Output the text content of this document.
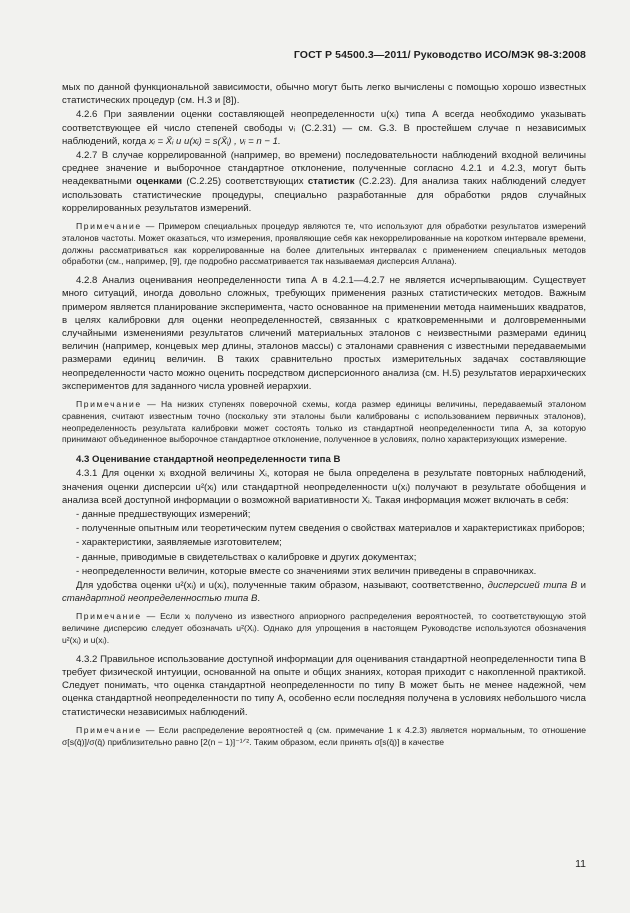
ГОСТ Р 54500.3—2011/ Руководство ИСО/МЭК 98-3:2008

мых по данной функциональной зависимости, обычно могут быть легко вычислены с помощью хорошо известных статистических процедур (см. Н.3 и [8]).

4.2.6 При заявлении оценки составляющей неопределенности u(xᵢ) типа А всегда необходимо указывать соответствующее ей число степеней свободы νᵢ (С.2.31) — см. G.3. В простейшем случае n независимых наблюдений, когда xᵢ = X̄ᵢ и u(xᵢ) = s(X̄ᵢ) , νᵢ = n − 1.

4.2.7 В случае коррелированной (например, во времени) последовательности наблюдений входной величины среднее значение и выборочное стандартное отклонение, полученные согласно 4.2.1 и 4.2.3, могут быть неадекватными оценками (С.2.25) соответствующих статистик (С.2.23). Для анализа таких наблюдений следует использовать статистические процедуры, специально разработанные для обработки рядов случайных коррелированных результатов измерений.

Примечание — Примером специальных процедур являются те, что используют для обработки результатов измерений эталонов частоты. Может оказаться, что измерения, проявляющие себя как некоррелированные на коротком интервале времени, должны рассматриваться как коррелированные на более длительных интервалах с применением специальных методов обработки (см., например, [9], где подробно рассматривается так называемая дисперсия Аллана).

4.2.8 Анализ оценивания неопределенности типа А в 4.2.1—4.2.7 не является исчерпывающим. Существует много ситуаций, иногда довольно сложных, требующих применения разных статистических методов. Важным примером является планирование эксперимента, часто основанное на применении метода наименьших квадратов, в целях калибровки для оценки неопределенностей, связанных с кратковременными и долговременными случайными изменениями результатов сличений материальных эталонов с неизвестными размерами единиц величин (например, концевых мер длины, эталонов массы) с эталонами сравнения с известными передаваемыми размерами единиц величин. В таких сравнительно простых измерительных задачах составляющие неопределенности часто можно оценить посредством дисперсионного анализа (см. Н.5) результатов иерархических экспериментов для заданного числа уровней иерархии.

Примечание — На низких ступенях поверочной схемы, когда размер единицы величины, передаваемый эталоном сравнения, считают известным точно (поскольку эти эталоны были калиброваны с использованием первичных эталонов), неопределенность результата калибровки может состоять только из стандартной неопределенности типа А, за которую принимают объединенное выборочное стандартное отклонение, полученное в условиях, полно характеризующих измерение.

4.3 Оценивание стандартной неопределенности типа В

4.3.1 Для оценки xᵢ входной величины Xᵢ, которая не была определена в результате повторных наблюдений, значения оценки дисперсии u²(xᵢ) или стандартной неопределенности u(xᵢ) получают в результате обобщения и анализа всей доступной информации о возможной вариативности Xᵢ. Такая информация может включать в себя:

- данные предшествующих измерений;

- полученные опытным или теоретическим путем сведения о свойствах материалов и характеристиках приборов;

- характеристики, заявляемые изготовителем;

- данные, приводимые в свидетельствах о калибровке и других документах;

- неопределенности величин, которые вместе со значениями этих величин приведены в справочниках.

Для удобства оценки u²(xᵢ) и u(xᵢ), полученные таким образом, называют, соответственно, дисперсией типа В и стандартной неопределенностью типа В.

Примечание — Если xᵢ получено из известного априорного распределения вероятностей, то соответствующую этой величине дисперсию следует обозначать u²(Xᵢ). Однако для упрощения в настоящем Руководстве используются обозначения u²(xᵢ) и u(xᵢ).

4.3.2 Правильное использование доступной информации для оценивания стандартной неопределенности типа В требует физической интуиции, основанной на опыте и общих знаниях, которая приходит с накопленной практикой. Следует понимать, что оценка стандартной неопределенности по типу В может быть не менее надежной, чем оценка стандартной неопределенности по типу А, особенно если последняя получена в условиях небольшого числа статистически независимых наблюдений.

Примечание — Если распределение вероятностей q (см. примечание 1 к 4.2.3) является нормальным, то отношение σ[s(q̄)]/σ(q̄) приблизительно равно [2(n − 1)]⁻¹ᐟ². Таким образом, если принять σ[s(q̄)] в качестве

11
